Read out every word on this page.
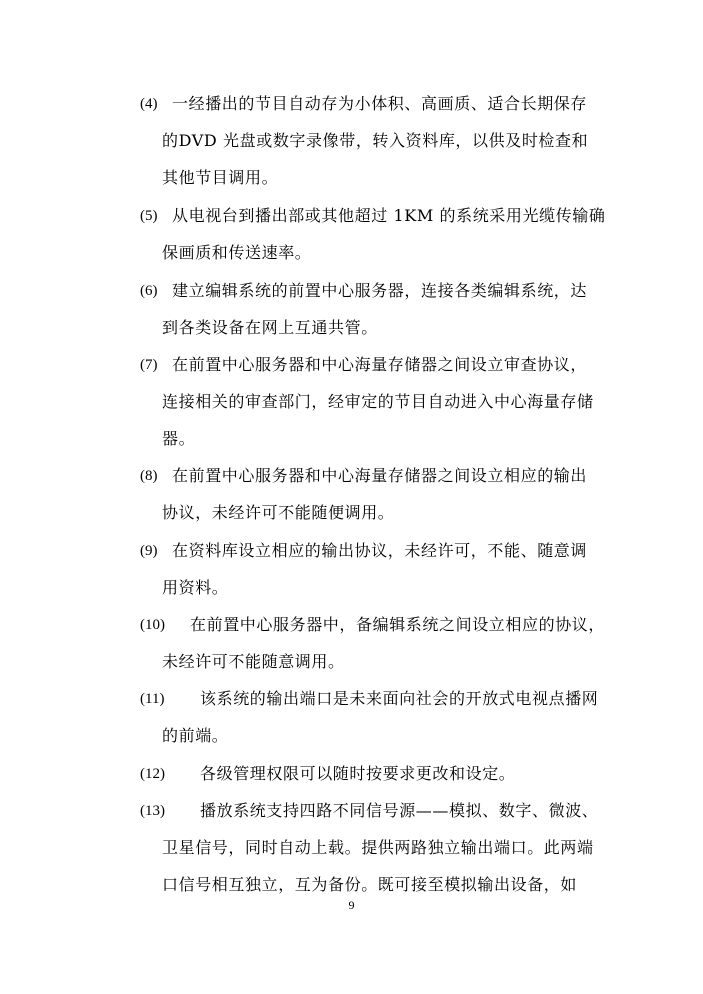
(4) 一经播出的节目自动存为小体积、高画质、适合长期保存
的DVD 光盘或数字录像带，转入资料库，以供及时检查和
其他节目调用。
(5) 从电视台到播出部或其他超过 1KM 的系统采用光缆传输确
保画质和传送速率。
(6) 建立编辑系统的前置中心服务器，连接各类编辑系统，达
到各类设备在网上互通共管。
(7) 在前置中心服务器和中心海量存储器之间设立审查协议，
连接相关的审查部门，经审定的节目自动进入中心海量存储
器。
(8) 在前置中心服务器和中心海量存储器之间设立相应的输出
协议，未经许可不能随便调用。
(9) 在资料库设立相应的输出协议，未经许可，不能、随意调
用资料。
(10) 在前置中心服务器中，备编辑系统之间设立相应的协议，
未经许可不能随意调用。
(11) 该系统的输出端口是未来面向社会的开放式电视点播网
的前端。
(12) 各级管理权限可以随时按要求更改和设定。
(13) 播放系统支持四路不同信号源——模拟、数字、微波、
卫星信号，同时自动上载。提供两路独立输出端口。此两端
口信号相互独立，互为备份。既可接至模拟输出设备，如
9
